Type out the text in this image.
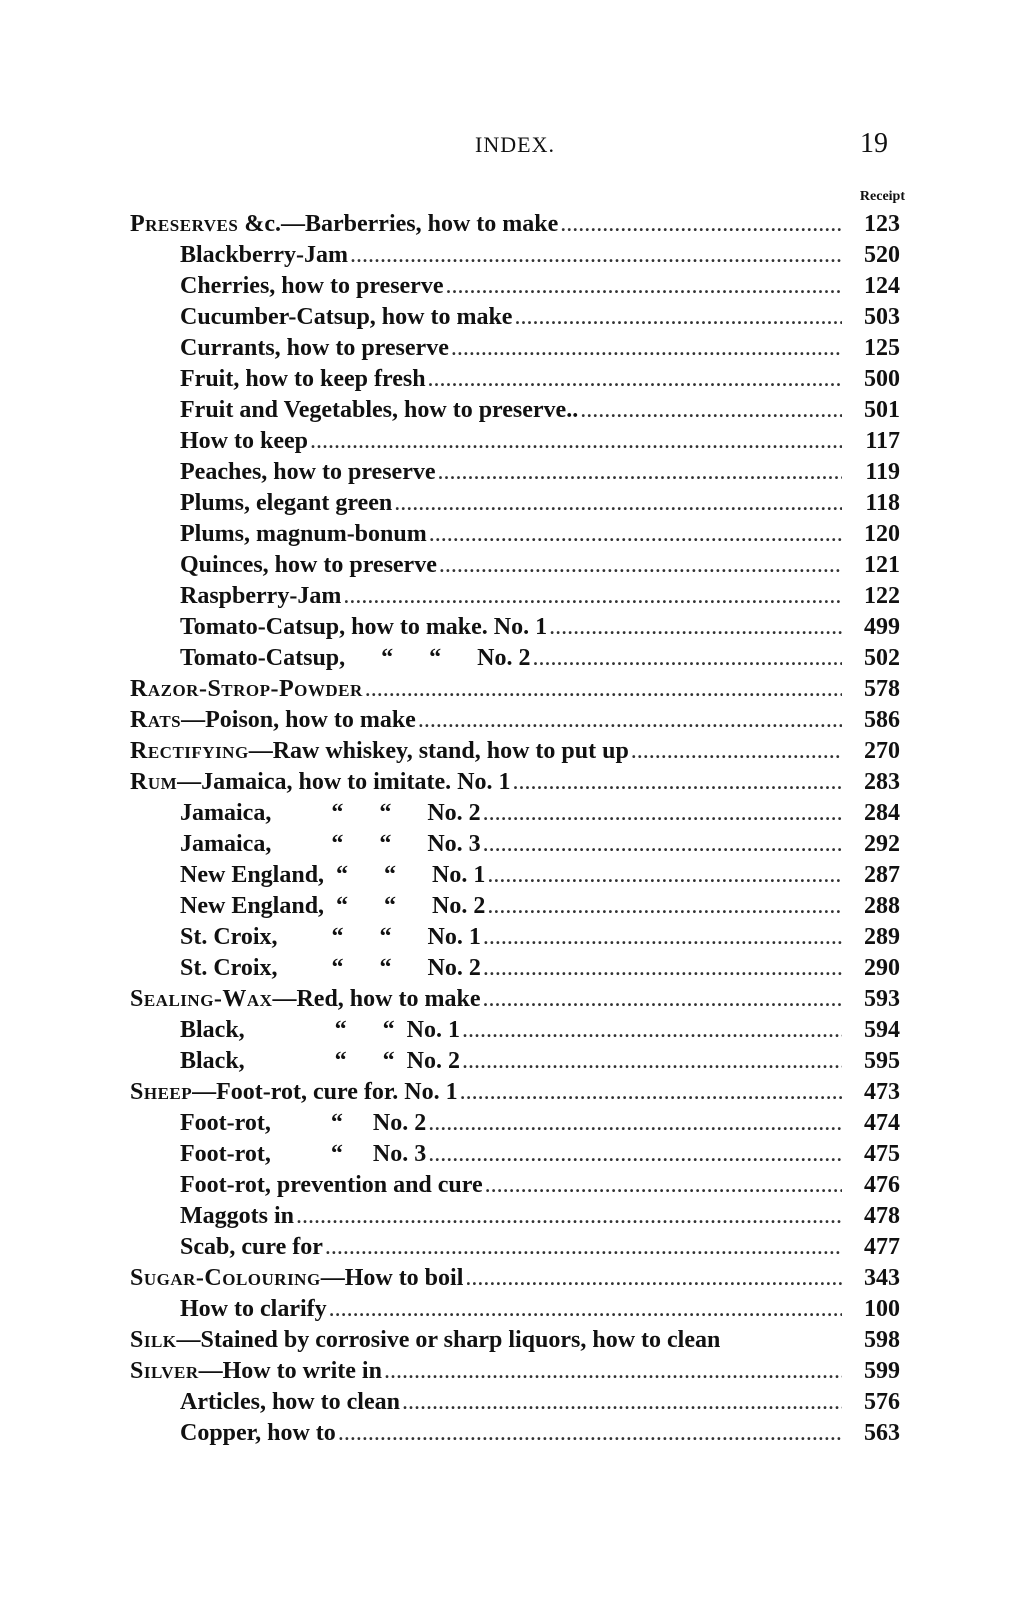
INDEX.	19
Receipt
Preserves &c.—Barberries, how to make . . .	123
Blackberry-Jam . . .	520
Cherries, how to preserve . . .	124
Cucumber-Catsup, how to make . . .	503
Currants, how to preserve . . .	125
Fruit, how to keep fresh . . .	500
Fruit and Vegetables, how to preserve.. . . .	501
How to keep . . .	117
Peaches, how to preserve . . .	119
Plums, elegant green . . .	118
Plums, magnum-bonum . . .	120
Quinces, how to preserve . . .	121
Raspberry-Jam . . .	122
Tomato-Catsup, how to make. No. 1 . . .	499
Tomato-Catsup,      “      “      No. 2 . . .	502
Razor-Strop-Powder . . .	578
Rats —Poison, how to make . . .	586
Rectifying —Raw whiskey, stand, how to put up . . .	270
Rum —Jamaica, how to imitate. No. 1 . . .	283
Jamaica,          “      “      No. 2 . . .	284
Jamaica,          “      “      No. 3 . . .	292
New England,  “      “      No. 1 . . .	287
New England,  “      “      No. 2 . . .	288
St. Croix,         “      “      No. 1 . . .	289
St. Croix,         “      “      No. 2 . . .	290
Sealing-Wax —Red, how to make . . .	593
Black,               “      “  No. 1 . . .	594
Black,               “      “  No. 2 . . .	595
Sheep —Foot-rot, cure for. No. 1 . . .	473
Foot-rot,          “     No. 2 . . .	474
Foot-rot,          “     No. 3 . . .	475
Foot-rot, prevention and cure . . .	476
Maggots in . . .	478
Scab, cure for . . .	477
Sugar-Colouring —How to boil . . .	343
How to clarify . . .	100
Silk —Stained by corrosive or sharp liquors, how to clean	598
Silver —How to write in . . .	599
Articles, how to clean . . .	576
Copper, how to . . .	563
